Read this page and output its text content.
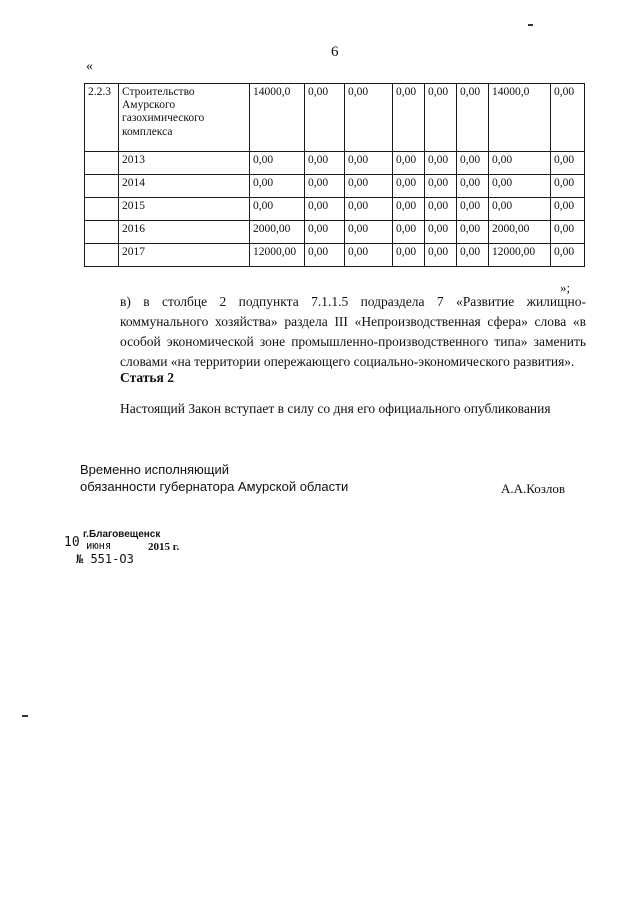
6
«
2.2.3	Строительство Амурского газохимического комплекса	14000,0	0,00	0,00	0,00	0,00	0,00	14000,0	0,00
	2013	0,00	0,00	0,00	0,00	0,00	0,00	0,00	0,00
	2014	0,00	0,00	0,00	0,00	0,00	0,00	0,00	0,00
	2015	0,00	0,00	0,00	0,00	0,00	0,00	0,00	0,00
	2016	2000,00	0,00	0,00	0,00	0,00	0,00	2000,00	0,00
	2017	12000,00	0,00	0,00	0,00	0,00	0,00	12000,00	0,00
»;
в) в столбце 2 подпункта 7.1.1.5 подраздела 7 «Развитие жилищно-коммунального хозяйства» раздела III «Непроизводственная сфера» слова «в особой экономической зоне промышленно-производственного типа» заменить словами «на территории опережающего социально-экономического развития».
Статья 2
Настоящий Закон вступает в силу со дня его официального опубликования
Временно исполняющий
обязанности губернатора Амурской области	А.А.Козлов
г.Благовещенск
10 июня	2015 г.
№ 551-ОЗ
